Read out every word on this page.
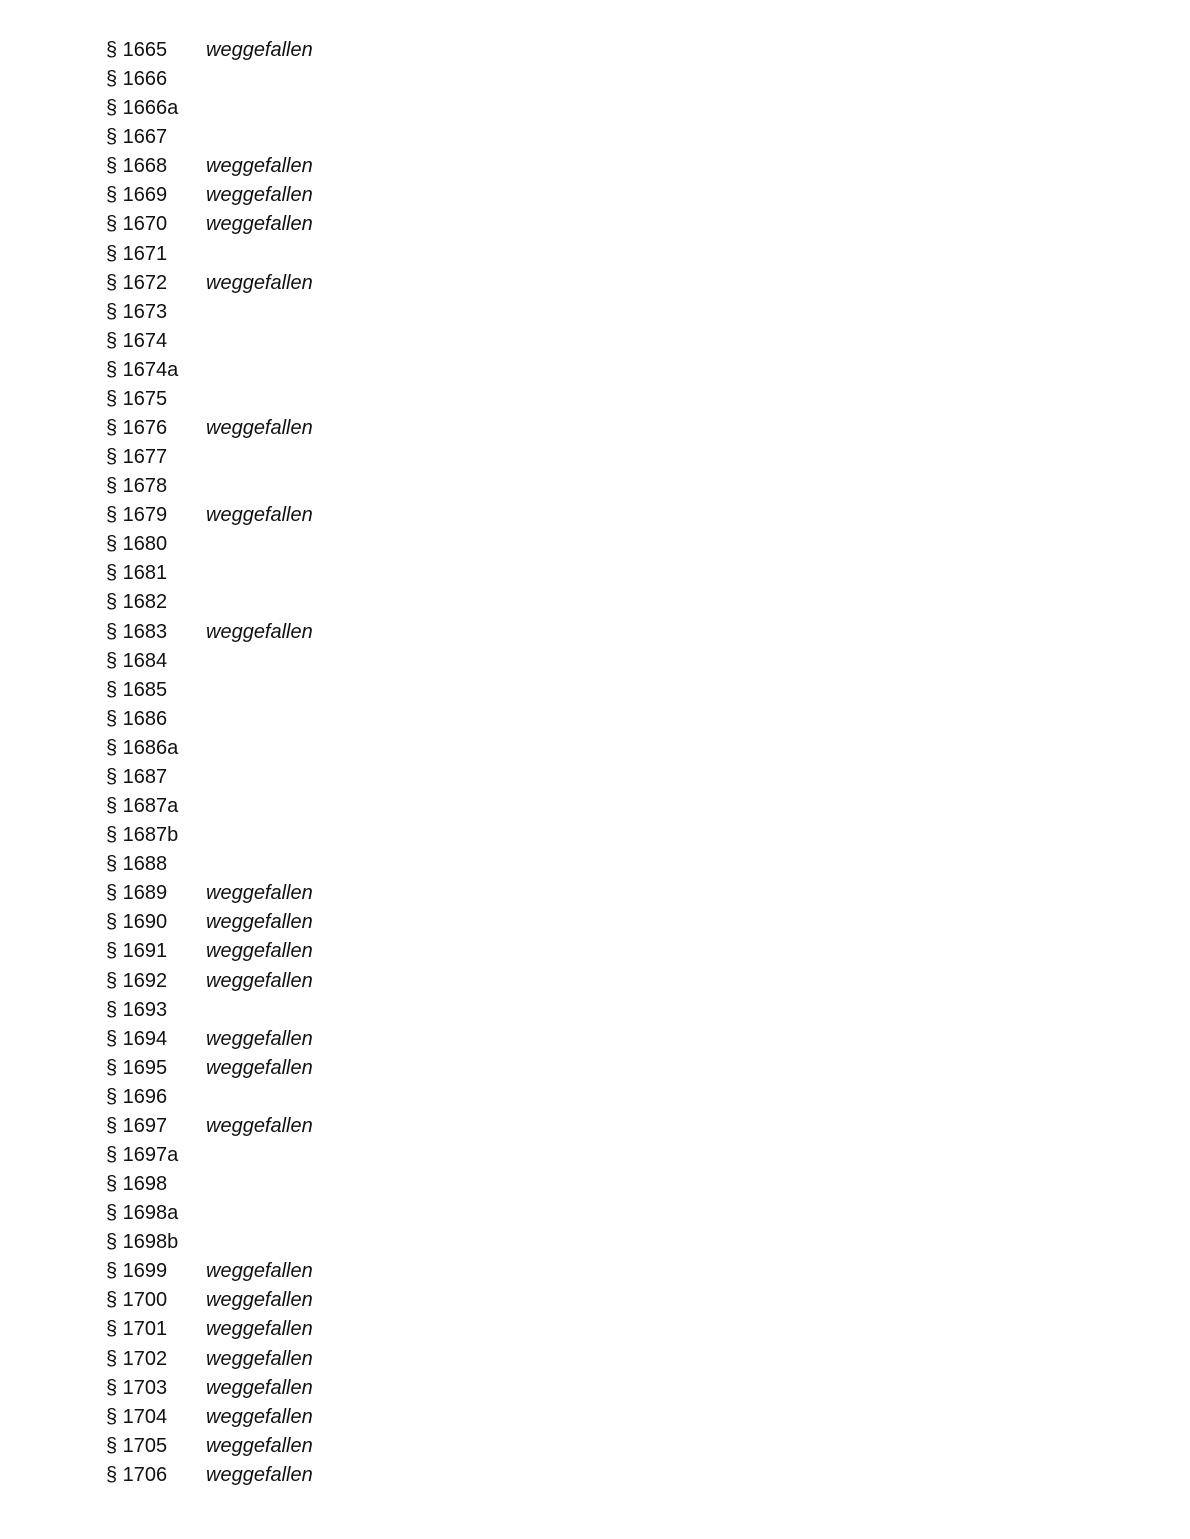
§ 1665	weggefallen
§ 1666
§ 1666a
§ 1667
§ 1668	weggefallen
§ 1669	weggefallen
§ 1670	weggefallen
§ 1671
§ 1672	weggefallen
§ 1673
§ 1674
§ 1674a
§ 1675
§ 1676	weggefallen
§ 1677
§ 1678
§ 1679	weggefallen
§ 1680
§ 1681
§ 1682
§ 1683	weggefallen
§ 1684
§ 1685
§ 1686
§ 1686a
§ 1687
§ 1687a
§ 1687b
§ 1688
§ 1689	weggefallen
§ 1690	weggefallen
§ 1691	weggefallen
§ 1692	weggefallen
§ 1693
§ 1694	weggefallen
§ 1695	weggefallen
§ 1696
§ 1697	weggefallen
§ 1697a
§ 1698
§ 1698a
§ 1698b
§ 1699	weggefallen
§ 1700	weggefallen
§ 1701	weggefallen
§ 1702	weggefallen
§ 1703	weggefallen
§ 1704	weggefallen
§ 1705	weggefallen
§ 1706	weggefallen
